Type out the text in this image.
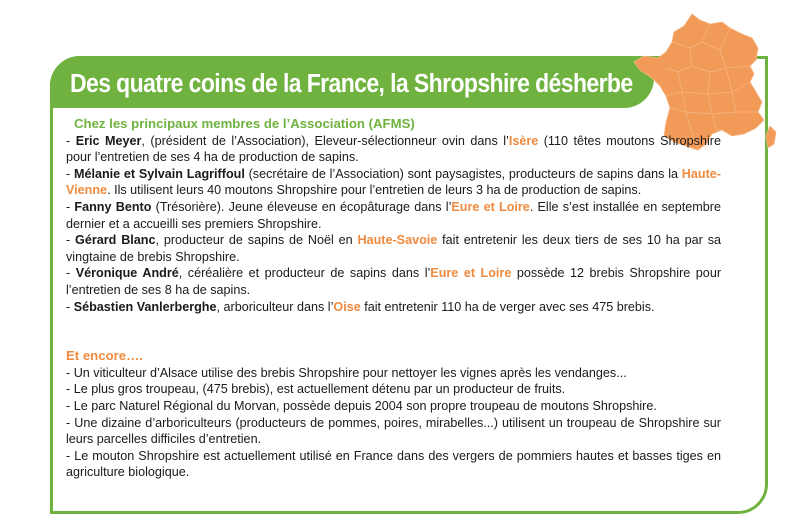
Des quatre coins de la France, la Shropshire désherbe
Chez les principaux membres de l’Association (AFMS)
- Eric Meyer, (président de l’Association), Eleveur-sélectionneur ovin dans l’Isère (110 têtes moutons Shropshire pour l’entretien de ses 4 ha de production de sapins.
- Mélanie et Sylvain Lagriffoul (secrétaire de l’Association) sont paysagistes, producteurs de sapins dans la Haute-Vienne. Ils utilisent leurs 40 moutons Shropshire pour l’entretien de leurs 3 ha de production de sapins.
- Fanny Bento (Trésorière). Jeune éleveuse en écopâturage dans l’Eure et Loire. Elle s’est installée en septembre dernier et a accueilli ses premiers Shropshire.
- Gérard Blanc, producteur de sapins de Noël en Haute-Savoie fait entretenir les deux tiers de ses 10 ha par sa vingtaine de brebis Shropshire.
- Véronique André, céréalière et producteur de sapins dans l’Eure et Loire possède 12 brebis Shropshire pour l’entretien de ses 8 ha de sapins.
- Sébastien Vanlerberghe, arboriculteur dans l’Oise fait entretenir 110 ha de verger avec ses 475 brebis.
Et encore….
- Un viticulteur d’Alsace utilise des brebis Shropshire pour nettoyer les vignes après les vendanges...
- Le plus gros troupeau, (475 brebis), est actuellement détenu par un producteur de fruits.
- Le parc Naturel Régional du Morvan, possède depuis 2004 son propre troupeau de moutons Shropshire.
- Une dizaine d’arboriculteurs (producteurs de pommes, poires, mirabelles...) utilisent un troupeau de Shropshire sur leurs parcelles difficiles d’entretien.
- Le mouton Shropshire est actuellement utilisé en France dans des vergers de pommiers hautes et basses tiges en agriculture biologique.
